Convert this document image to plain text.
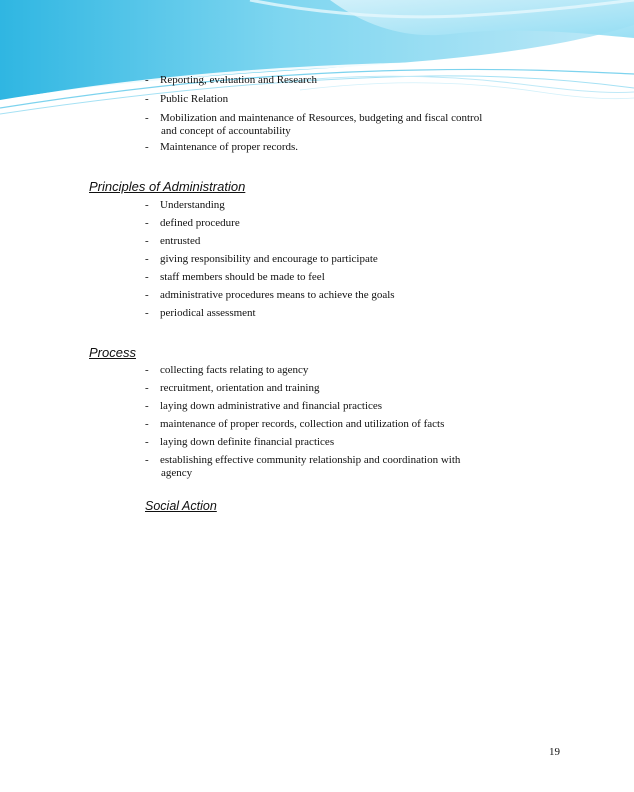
- Reporting, evaluation and Research
- Public Relation
- Mobilization and maintenance of Resources, budgeting and fiscal control
and concept of accountability
- Maintenance of proper records.
Principles of Administration
- Understanding
- defined procedure
- entrusted
- giving responsibility and encourage to participate
- staff members should be made to feel
- administrative procedures means to achieve the goals
- periodical assessment
Process
- collecting facts relating to agency
- recruitment, orientation and training
- laying down administrative and financial practices
- maintenance of proper records, collection and utilization of facts
- laying down definite financial practices
- establishing effective community relationship and coordination with
agency
Social Action
19
